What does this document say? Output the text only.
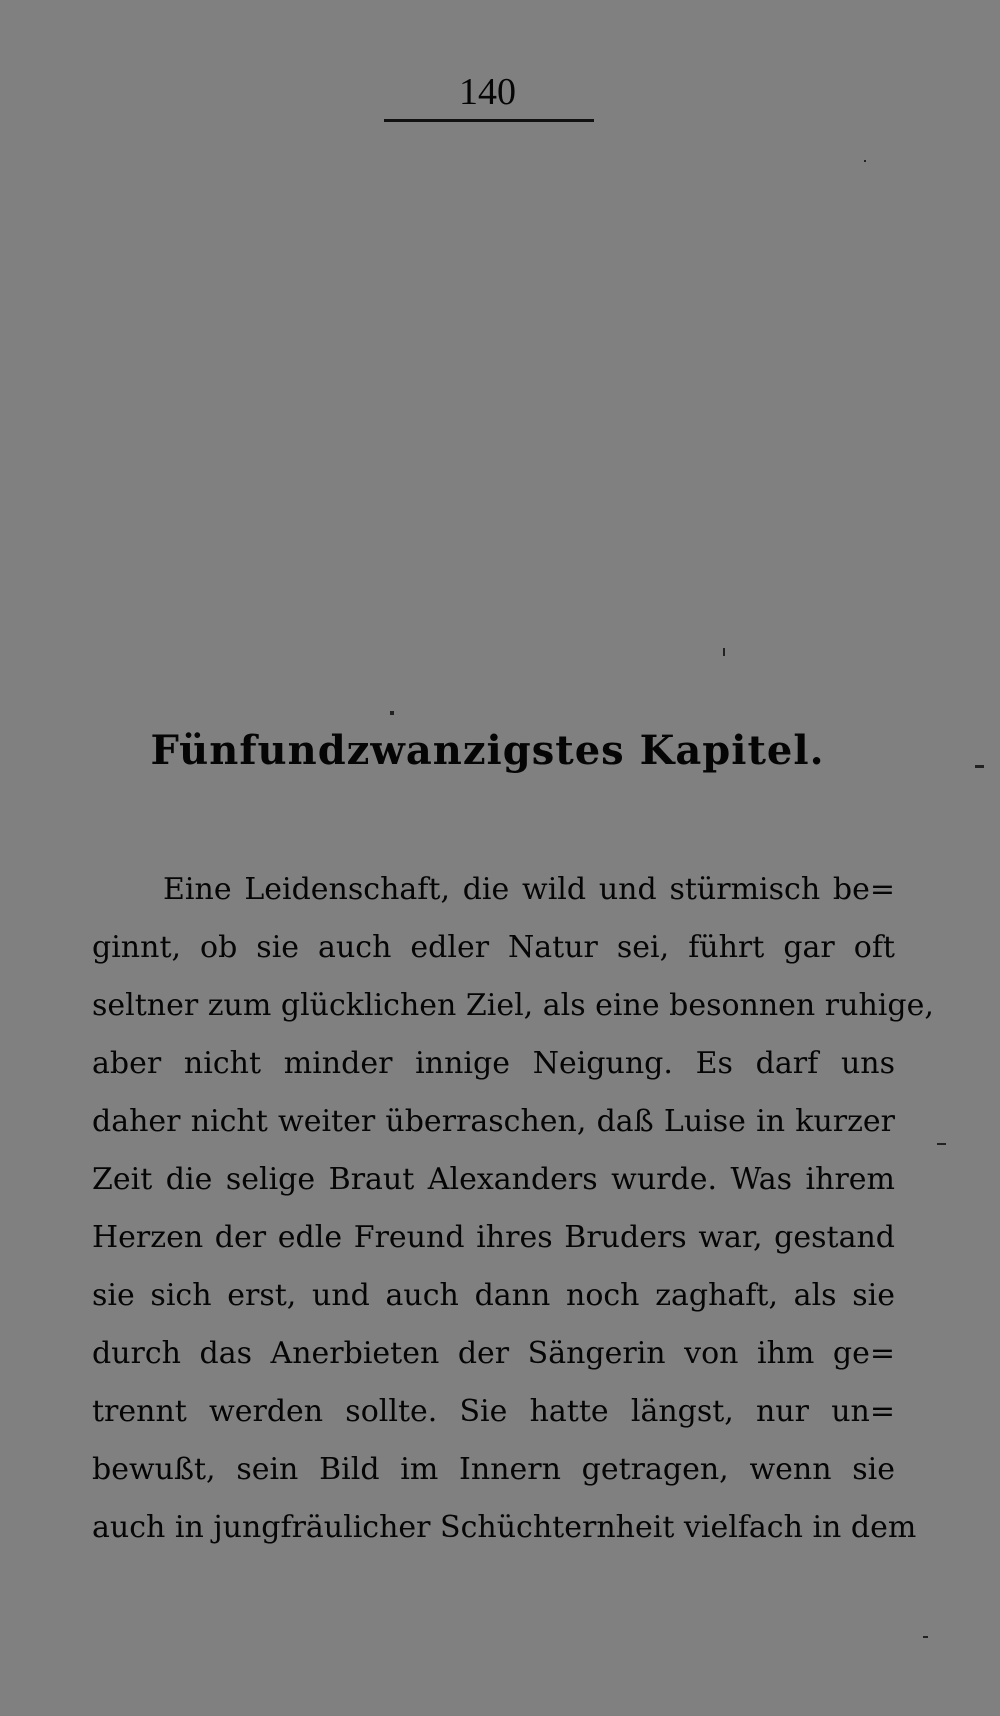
140
Fünfundzwanzigstes Kapitel.
Eine Leidenschaft, die wild und stürmisch be=
ginnt, ob sie auch edler Natur sei, führt gar oft
seltner zum glücklichen Ziel, als eine besonnen ruhige,
aber nicht minder innige Neigung. Es darf uns
daher nicht weiter überraschen, daß Luise in kurzer
Zeit die selige Braut Alexanders wurde. Was ihrem
Herzen der edle Freund ihres Bruders war, gestand
sie sich erst, und auch dann noch zaghaft, als sie
durch das Anerbieten der Sängerin von ihm ge=
trennt werden sollte. Sie hatte längst, nur un=
bewußt, sein Bild im Innern getragen, wenn sie
auch in jungfräulicher Schüchternheit vielfach in dem
